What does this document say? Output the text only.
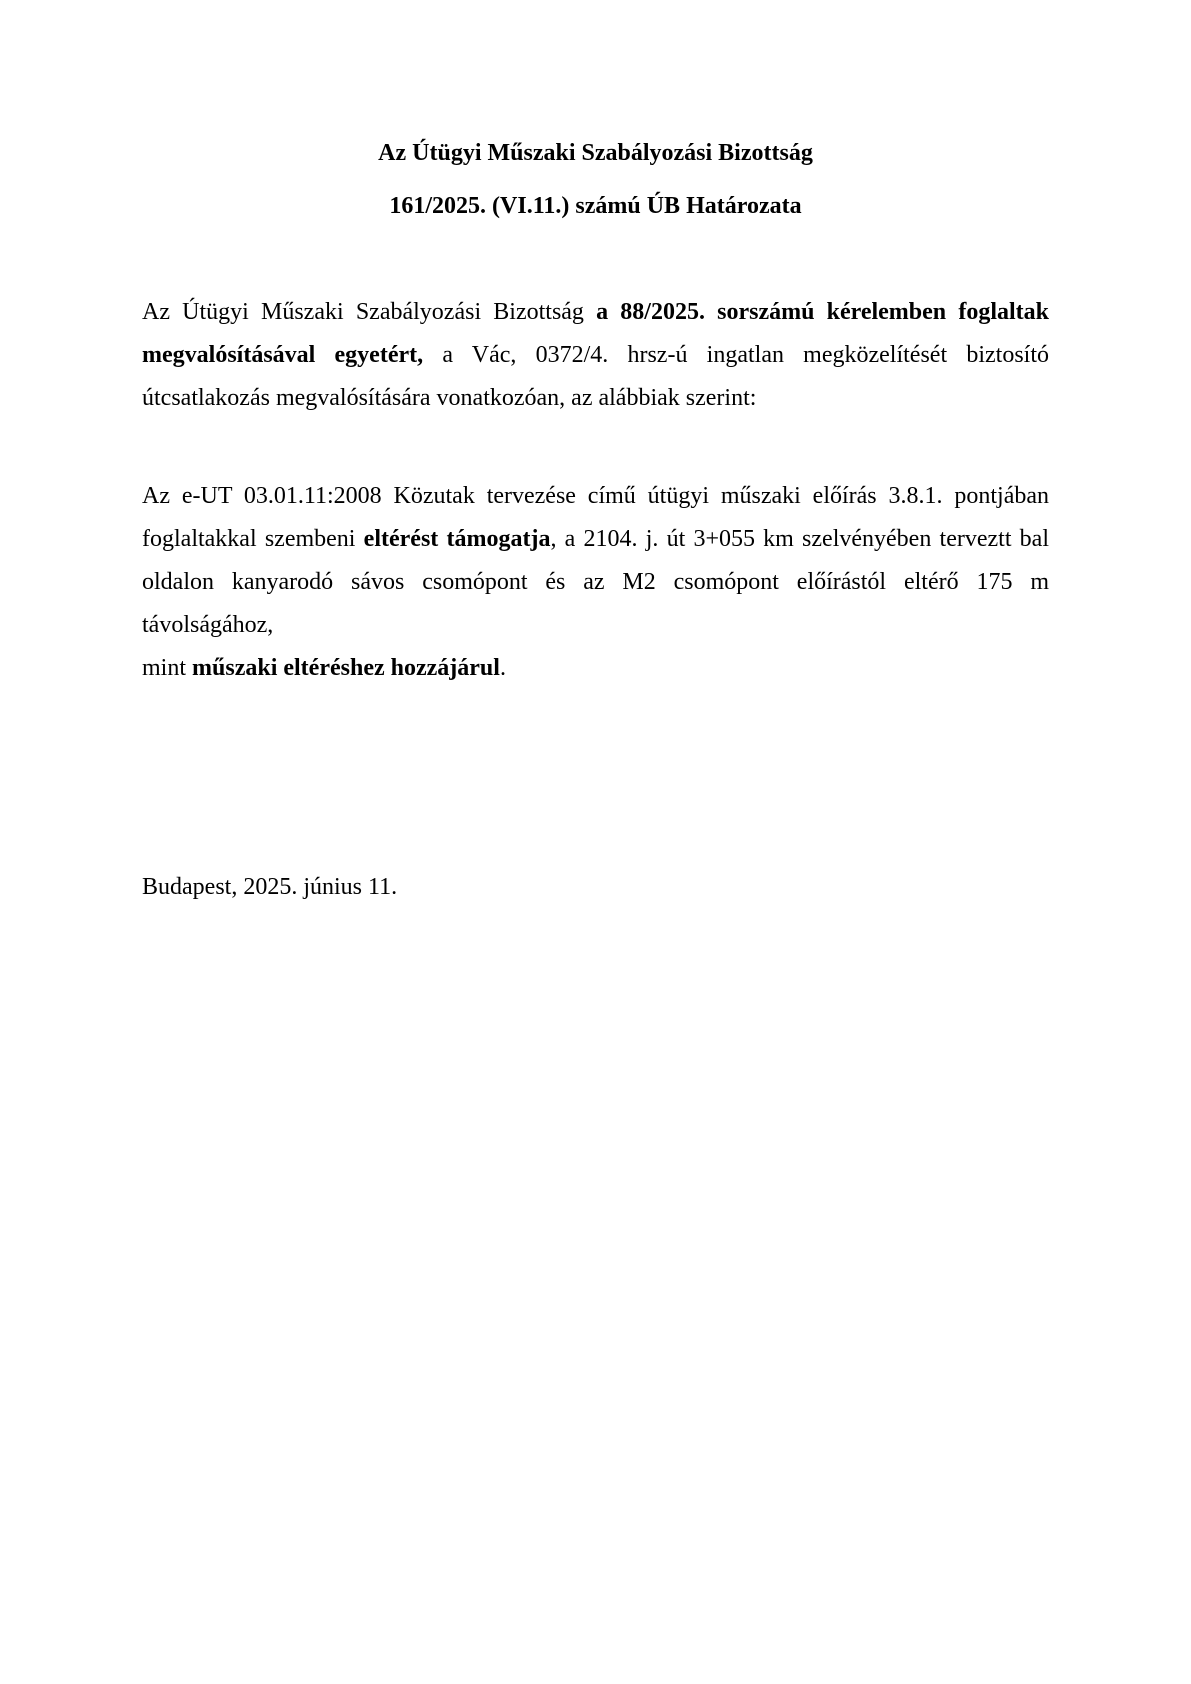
Az Útügyi Műszaki Szabályozási Bizottság
161/2025. (VI.11.) számú ÚB Határozata
Az Útügyi Műszaki Szabályozási Bizottság a 88/2025. sorszámú kérelemben foglaltak
megvalósításával egyetért, a Vác, 0372/4. hrsz-ú ingatlan megközelítését biztosító
útcsatlakozás megvalósítására vonatkozóan, az alábbiak szerint:
Az e-UT 03.01.11:2008 Közutak tervezése című útügyi műszaki előírás 3.8.1. pontjában
foglaltakkal szembeni eltérést támogatja, a 2104. j. út 3+055 km szelvényében terveztt bal
oldalon kanyarodó sávos csomópont és az M2 csomópont előírástól eltérő 175 m távolságához,
mint műszaki eltéréshez hozzájárul.
Budapest, 2025. június 11.
